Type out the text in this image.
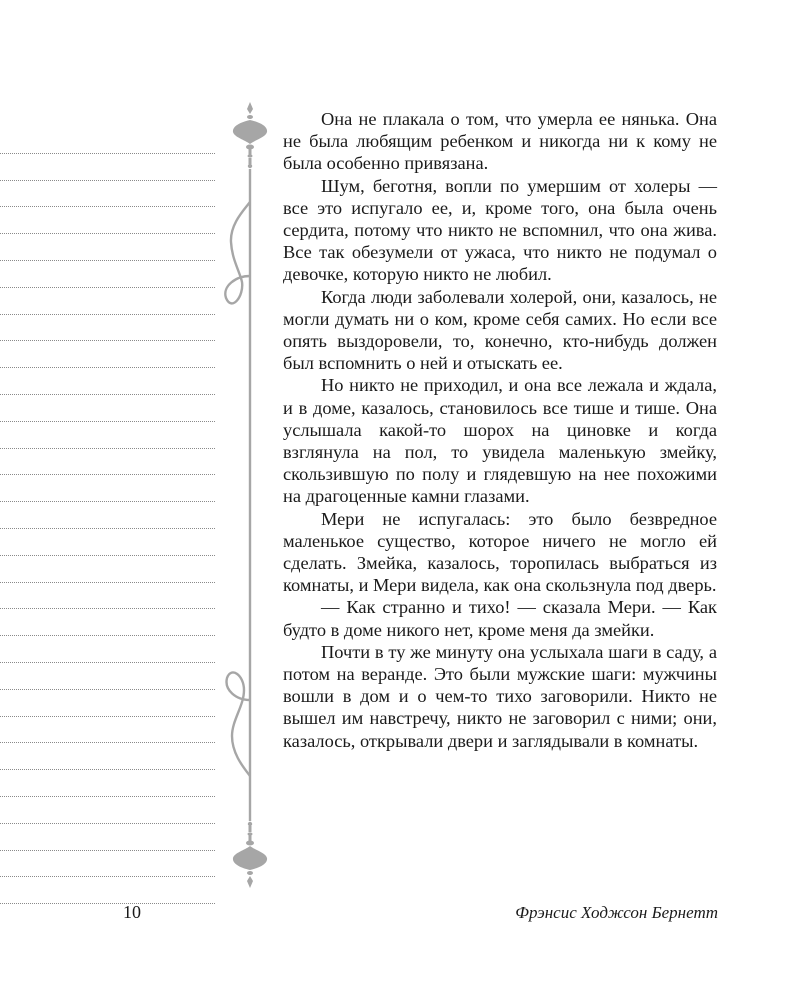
Она не плакала о том, что умерла ее нянька. Она не была любящим ребенком и никогда ни к кому не была особенно привязана.

Шум, беготня, вопли по умершим от холеры — все это испугало ее, и, кроме того, она была очень сердита, потому что никто не вспомнил, что она жива. Все так обезумели от ужаса, что никто не подумал о девочке, которую никто не любил.

Когда люди заболевали холерой, они, казалось, не могли думать ни о ком, кроме себя самих. Но если все опять выздоровели, то, конечно, кто-нибудь должен был вспомнить о ней и отыскать ее.

Но никто не приходил, и она все лежала и ждала, и в доме, казалось, становилось все тише и тише. Она услышала какой-то шорох на циновке и когда взглянула на пол, то увидела маленькую змейку, скользившую по полу и глядевшую на нее похожими на драгоценные камни глазами.

Мери не испугалась: это было безвредное маленькое существо, которое ничего не могло ей сделать. Змейка, казалось, торопилась выбраться из комнаты, и Мери видела, как она скользнула под дверь.

— Как странно и тихо! — сказала Мери. — Как будто в доме никого нет, кроме меня да змейки.

Почти в ту же минуту она услыхала шаги в саду, а потом на веранде. Это были мужские шаги: мужчины вошли в дом и о чем-то тихо заговорили. Никто не вышел им навстречу, никто не заговорил с ними; они, казалось, открывали двери и заглядывали в комнаты.

10	Фрэнсис Ходжсон Бернетт
